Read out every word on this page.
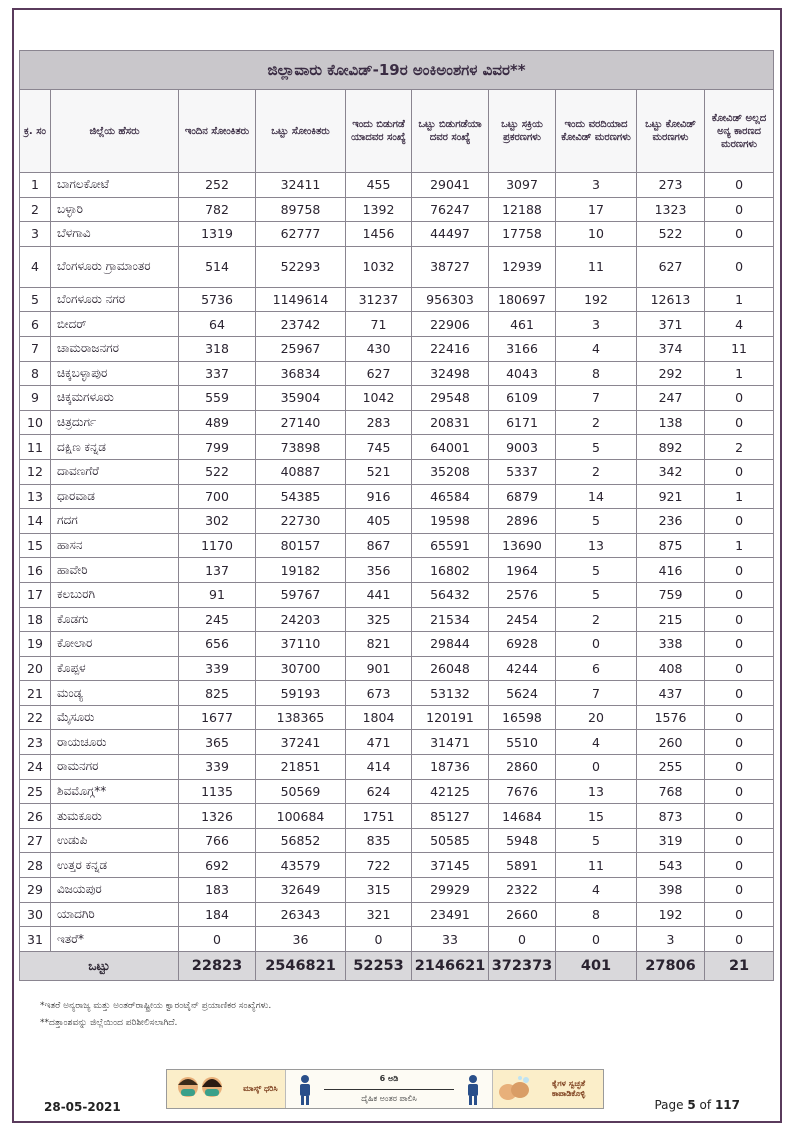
ಜಿಲ್ಲಾವಾರು ಕೋವಿಡ್-19ರ ಅಂಕಿಅಂಶಗಳ ವಿವರ**									
ಕ್ರ. ಸಂ	ಜಿಲ್ಲೆಯ ಹೆಸರು	ಇಂದಿನ ಸೋಂಕಿತರು	ಒಟ್ಟು ಸೋಂಕಿತರು	ಇಂದು ಬಿಡುಗಡೆ ಯಾದವರ ಸಂಖ್ಯೆ	ಒಟ್ಟು ಬಿಡುಗಡೆಯಾ ದವರ ಸಂಖ್ಯೆ	ಒಟ್ಟು ಸಕ್ರಿಯ ಪ್ರಕರಣಗಳು	ಇಂದು ವರದಿಯಾದ ಕೋವಿಡ್ ಮರಣಗಳು	ಒಟ್ಟು ಕೋವಿಡ್ ಮರಣಗಳು	ಕೋವಿಡ್ ಅಲ್ಲದ ಅನ್ಯ ಕಾರಣದ ಮರಣಗಳು
1	ಬಾಗಲಕೋಟೆ	252	32411	455	29041	3097	3	273	0
2	ಬಳ್ಳಾರಿ	782	89758	1392	76247	12188	17	1323	0
3	ಬೆಳಗಾವಿ	1319	62777	1456	44497	17758	10	522	0
4	ಬೆಂಗಳೂರು ಗ್ರಾಮಾಂತರ	514	52293	1032	38727	12939	11	627	0
5	ಬೆಂಗಳೂರು ನಗರ	5736	1149614	31237	956303	180697	192	12613	1
6	ಬೀದರ್	64	23742	71	22906	461	3	371	4
7	ಚಾಮರಾಜನಗರ	318	25967	430	22416	3166	4	374	11
8	ಚಿಕ್ಕಬಳ್ಳಾಪುರ	337	36834	627	32498	4043	8	292	1
9	ಚಿಕ್ಕಮಗಳೂರು	559	35904	1042	29548	6109	7	247	0
10	ಚಿತ್ರದುರ್ಗ	489	27140	283	20831	6171	2	138	0
11	ದಕ್ಷಿಣ ಕನ್ನಡ	799	73898	745	64001	9003	5	892	2
12	ದಾವಣಗೆರೆ	522	40887	521	35208	5337	2	342	0
13	ಧಾರವಾಡ	700	54385	916	46584	6879	14	921	1
14	ಗದಗ	302	22730	405	19598	2896	5	236	0
15	ಹಾಸನ	1170	80157	867	65591	13690	13	875	1
16	ಹಾವೇರಿ	137	19182	356	16802	1964	5	416	0
17	ಕಲಬುರಗಿ	91	59767	441	56432	2576	5	759	0
18	ಕೊಡಗು	245	24203	325	21534	2454	2	215	0
19	ಕೋಲಾರ	656	37110	821	29844	6928	0	338	0
20	ಕೊಪ್ಪಳ	339	30700	901	26048	4244	6	408	0
21	ಮಂಡ್ಯ	825	59193	673	53132	5624	7	437	0
22	ಮೈಸೂರು	1677	138365	1804	120191	16598	20	1576	0
23	ರಾಯಚೂರು	365	37241	471	31471	5510	4	260	0
24	ರಾಮನಗರ	339	21851	414	18736	2860	0	255	0
25	ಶಿವಮೊಗ್ಗ**	1135	50569	624	42125	7676	13	768	0
26	ತುಮಕೂರು	1326	100684	1751	85127	14684	15	873	0
27	ಉಡುಪಿ	766	56852	835	50585	5948	5	319	0
28	ಉತ್ತರ ಕನ್ನಡ	692	43579	722	37145	5891	11	543	0
29	ವಿಜಯಪುರ	183	32649	315	29929	2322	4	398	0
30	ಯಾದಗಿರಿ	184	26343	321	23491	2660	8	192	0
31	ಇತರೆ*	0	36	0	33	0	0	3	0
ಒಟ್ಟು		22823	2546821	52253	2146621	372373	401	27806	21
*ಇತರೆ ಅನ್ಯರಾಜ್ಯ ಮತ್ತು ಅಂತರ್‌ರಾಷ್ಟ್ರೀಯ ಕ್ವಾರಂಟೈನ್ ಪ್ರಯಾಣಿಕರ ಸಂಖ್ಯೆಗಳು.
**ದತ್ತಾಂಶವನ್ನು ಜಿಲ್ಲೆಯಿಂದ ಪರಿಶೀಲಿಸಲಾಗಿದೆ.
ಮಾಸ್ಕ್ ಧರಿಸಿ
6 ಅಡಿ
ದೈಹಿಕ ಅಂತರ ಪಾಲಿಸಿ
ಕೈಗಳ ಸ್ವಚ್ಛತೆ ಕಾಪಾಡಿಕೊಳ್ಳಿ
28-05-2021	Page 5 of 117
